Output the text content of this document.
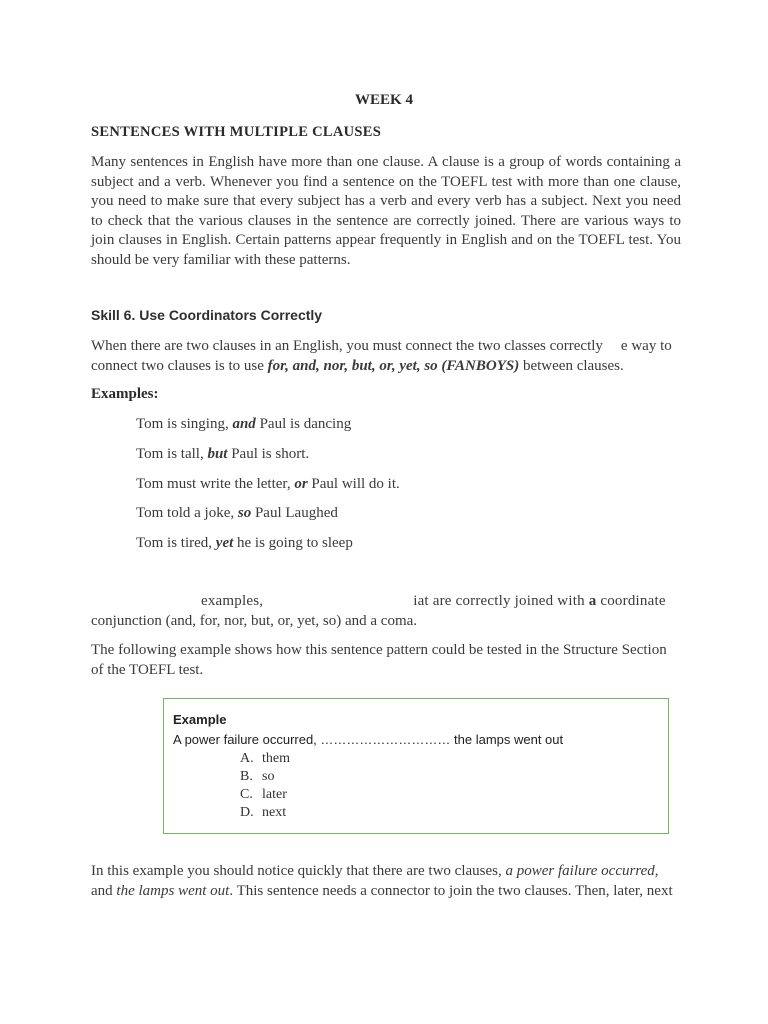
WEEK 4
SENTENCES WITH MULTIPLE CLAUSES
Many sentences in English have more than one clause. A clause is a group of words containing a subject and a verb. Whenever you find a sentence on the TOEFL test with more than one clause, you need to make sure that every subject has a verb and every verb has a subject. Next you need to check that the various clauses in the sentence are correctly joined. There are various ways to join clauses in English. Certain patterns appear frequently in English and on the TOEFL test. You should be very familiar with these patterns.
Skill 6. Use Coordinators Correctly
When there are two clauses in an English, you must connect the two classes correctly e way to
connect two clauses is to use for, and, nor, but, or, yet, so (FANBOYS) between clauses.
Examples:
Tom is singing, and Paul is dancing
Tom is tall, but Paul is short.
Tom must write the letter, or Paul will do it.
Tom told a joke, so Paul Laughed
Tom is tired, yet he is going to sleep
examples,	iat are correctly joined with a coordinate
conjunction (and, for, nor, but, or, yet, so) and a coma.
The following example shows how this sentence pattern could be tested in the Structure Section of the TOEFL test.
Example
A power failure occurred, ………………………… the lamps went out
A. them
B. so
C. later
D. next
In this example you should notice quickly that there are two clauses, a power failure occurred,
and the lamps went out. This sentence needs a connector to join the two clauses. Then, later, next
